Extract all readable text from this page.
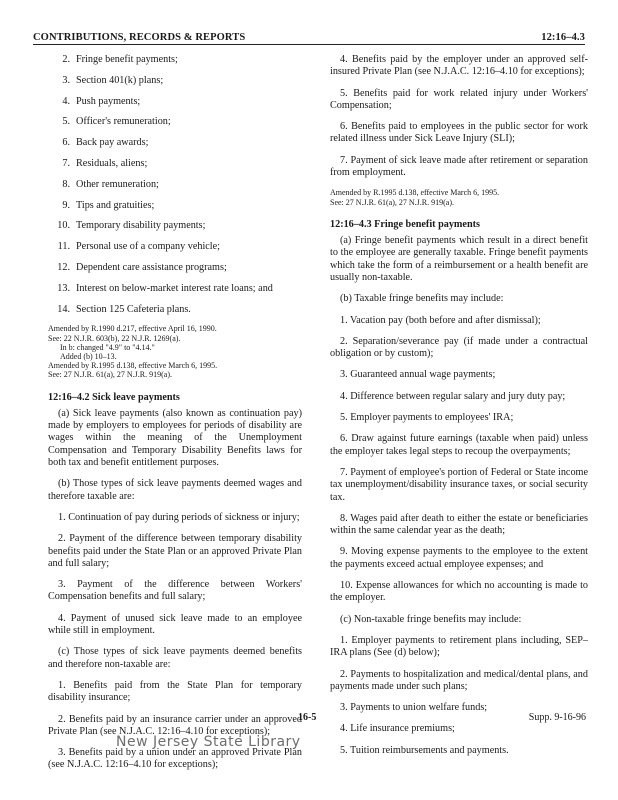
CONTRIBUTIONS, RECORDS & REPORTS	12:16–4.3
2. Fringe benefit payments;
3. Section 401(k) plans;
4. Push payments;
5. Officer's remuneration;
6. Back pay awards;
7. Residuals, aliens;
8. Other remuneration;
9. Tips and gratuities;
10. Temporary disability payments;
11. Personal use of a company vehicle;
12. Dependent care assistance programs;
13. Interest on below-market interest rate loans; and
14. Section 125 Cafeteria plans.
Amended by R.1990 d.217, effective April 16, 1990.
See: 22 N.J.R. 603(b), 22 N.J.R. 1269(a).
In b: changed "4.9" to "4.14."
Added (b) 10–13.
Amended by R.1995 d.138, effective March 6, 1995.
See: 27 N.J.R. 61(a), 27 N.J.R. 919(a).
12:16–4.2 Sick leave payments

(a) Sick leave payments (also known as continuation pay) made by employers to employees for periods of disability are wages within the meaning of the Unemployment Compensation and Temporary Disability Benefits laws for both tax and benefit entitlement purposes.

(b) Those types of sick leave payments deemed wages and therefore taxable are:

1. Continuation of pay during periods of sickness or injury;

2. Payment of the difference between temporary disability benefits paid under the State Plan or an approved Private Plan and full salary;

3. Payment of the difference between Workers' Compensation benefits and full salary;

4. Payment of unused sick leave made to an employee while still in employment.

(c) Those types of sick leave payments deemed benefits and therefore non-taxable are:

1. Benefits paid from the State Plan for temporary disability insurance;

2. Benefits paid by an insurance carrier under an approved Private Plan (see N.J.A.C. 12:16–4.10 for exceptions);

3. Benefits paid by a union under an approved Private Plan (see N.J.A.C. 12:16–4.10 for exceptions);

4. Benefits paid by the employer under an approved self-insured Private Plan (see N.J.A.C. 12:16–4.10 for exceptions);

5. Benefits paid for work related injury under Workers' Compensation;

6. Benefits paid to employees in the public sector for work related illness under Sick Leave Injury (SLI);

7. Payment of sick leave made after retirement or separation from employment.

Amended by R.1995 d.138, effective March 6, 1995.
See: 27 N.J.R. 61(a), 27 N.J.R. 919(a).
12:16–4.3 Fringe benefit payments

(a) Fringe benefit payments which result in a direct benefit to the employee are generally taxable. Fringe benefit payments which take the form of a reimbursement or a health benefit are usually non-taxable.

(b) Taxable fringe benefits may include:

1. Vacation pay (both before and after dismissal);

2. Separation/severance pay (if made under a contractual obligation or by custom);

3. Guaranteed annual wage payments;

4. Difference between regular salary and jury duty pay;

5. Employer payments to employees' IRA;

6. Draw against future earnings (taxable when paid) unless the employer takes legal steps to recoup the overpayments;

7. Payment of employee's portion of Federal or State income tax unemployment/disability insurance taxes, or social security tax.

8. Wages paid after death to either the estate or beneficiaries within the same calendar year as the death;

9. Moving expense payments to the employee to the extent the payments exceed actual employee expenses; and

10. Expense allowances for which no accounting is made to the employer.

(c) Non-taxable fringe benefits may include:

1. Employer payments to retirement plans including, SEP–IRA plans (See (d) below);

2. Payments to hospitalization and medical/dental plans, and payments made under such plans;

3. Payments to union welfare funds;

4. Life insurance premiums;

5. Tuition reimbursements and payments.

16-5	Supp. 9-16-96
New Jersey State Library
